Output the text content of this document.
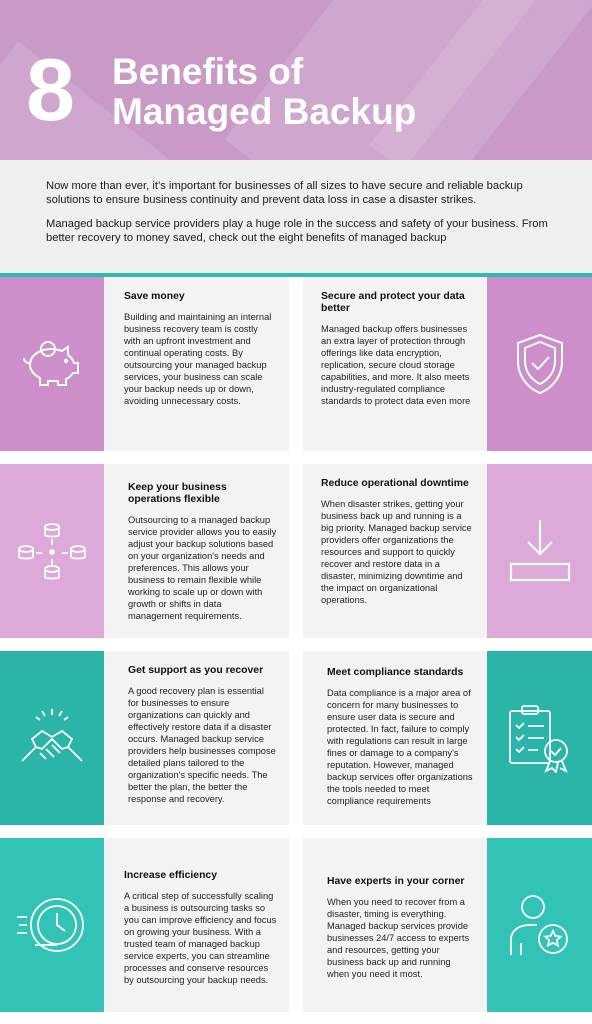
8 Benefits of
Managed Backup

Now more than ever, it’s important for businesses of all sizes to have secure and reliable backup solutions to ensure business continuity and prevent data loss in case a disaster strikes.

Managed backup service providers play a huge role in the success and safety of your business. From better recovery to money saved, check out the eight benefits of managed backup

Save money

Building and maintaining an internal business recovery team is costly with an upfront investment and continual operating costs. By outsourcing your managed backup services, your business can scale your backup needs up or down, avoiding unnecessary costs.

Secure and protect your data better

Managed backup offers businesses an extra layer of protection through offerings like data encryption, replication, secure cloud storage capabilities, and more. It also meets industry-regulated compliance standards to protect data even more

Keep your business operations flexible

Outsourcing to a managed backup service provider allows you to easily adjust your backup solutions based on your organization's needs and preferences. This allows your business to remain flexible while working to scale up or down with growth or shifts in data management requirements.

Reduce operational downtime

When disaster strikes, getting your business back up and running is a big priority. Managed backup service providers offer organizations the resources and support to quickly recover and restore data in a disaster, minimizing downtime and the impact on organizational operations.

Get support as you recover

A good recovery plan is essential for businesses to ensure organizations can quickly and effectively restore data if a disaster occurs. Managed backup service providers help businesses compose detailed plans tailored to the organization's specific needs. The better the plan, the better the response and recovery.

Meet compliance standards

Data compliance is a major area of concern for many businesses to ensure user data is secure and protected. In fact, failure to comply with regulations can result in large fines or damage to a company's reputation. However, managed backup services offer organizations the tools needed to meet compliance requirements

Increase efficiency

A critical step of successfully scaling a business is outsourcing tasks so you can improve efficiency and focus on growing your business. With a trusted team of managed backup service experts, you can streamline processes and conserve resources by outsourcing your backup needs.

Have experts in your corner

When you need to recover from a disaster, timing is everything. Managed backup services provide businesses 24/7 access to experts and resources, getting your business back up and running when you need it most.
